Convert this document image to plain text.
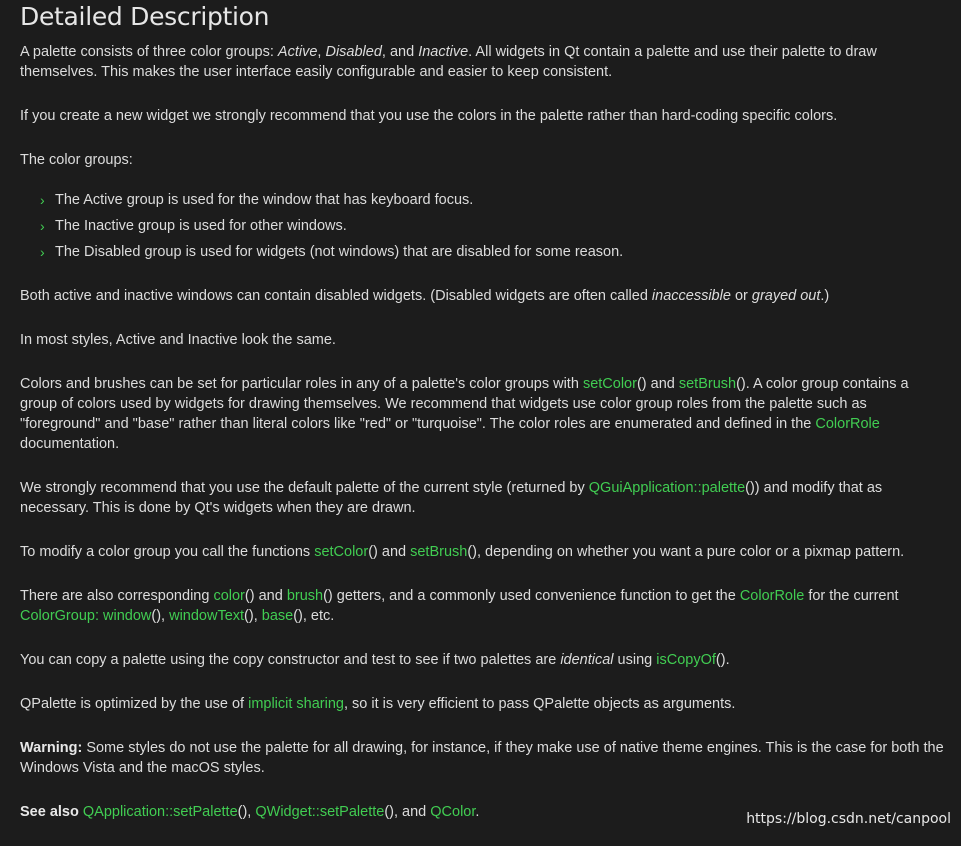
Detailed Description

A palette consists of three color groups: Active, Disabled, and Inactive. All widgets in Qt contain a palette and use their palette to draw themselves. This makes the user interface easily configurable and easier to keep consistent.

If you create a new widget we strongly recommend that you use the colors in the palette rather than hard-coding specific colors.

The color groups:

› The Active group is used for the window that has keyboard focus.
› The Inactive group is used for other windows.
› The Disabled group is used for widgets (not windows) that are disabled for some reason.

Both active and inactive windows can contain disabled widgets. (Disabled widgets are often called inaccessible or grayed out.)

In most styles, Active and Inactive look the same.

Colors and brushes can be set for particular roles in any of a palette's color groups with setColor() and setBrush(). A color group contains a group of colors used by widgets for drawing themselves. We recommend that widgets use color group roles from the palette such as "foreground" and "base" rather than literal colors like "red" or "turquoise". The color roles are enumerated and defined in the ColorRole documentation.

We strongly recommend that you use the default palette of the current style (returned by QGuiApplication::palette()) and modify that as necessary. This is done by Qt's widgets when they are drawn.

To modify a color group you call the functions setColor() and setBrush(), depending on whether you want a pure color or a pixmap pattern.

There are also corresponding color() and brush() getters, and a commonly used convenience function to get the ColorRole for the current ColorGroup: window(), windowText(), base(), etc.

You can copy a palette using the copy constructor and test to see if two palettes are identical using isCopyOf().

QPalette is optimized by the use of implicit sharing, so it is very efficient to pass QPalette objects as arguments.

Warning: Some styles do not use the palette for all drawing, for instance, if they make use of native theme engines. This is the case for both the Windows Vista and the macOS styles.

See also QApplication::setPalette(), QWidget::setPalette(), and QColor.	https://blog.csdn.net/canpool
